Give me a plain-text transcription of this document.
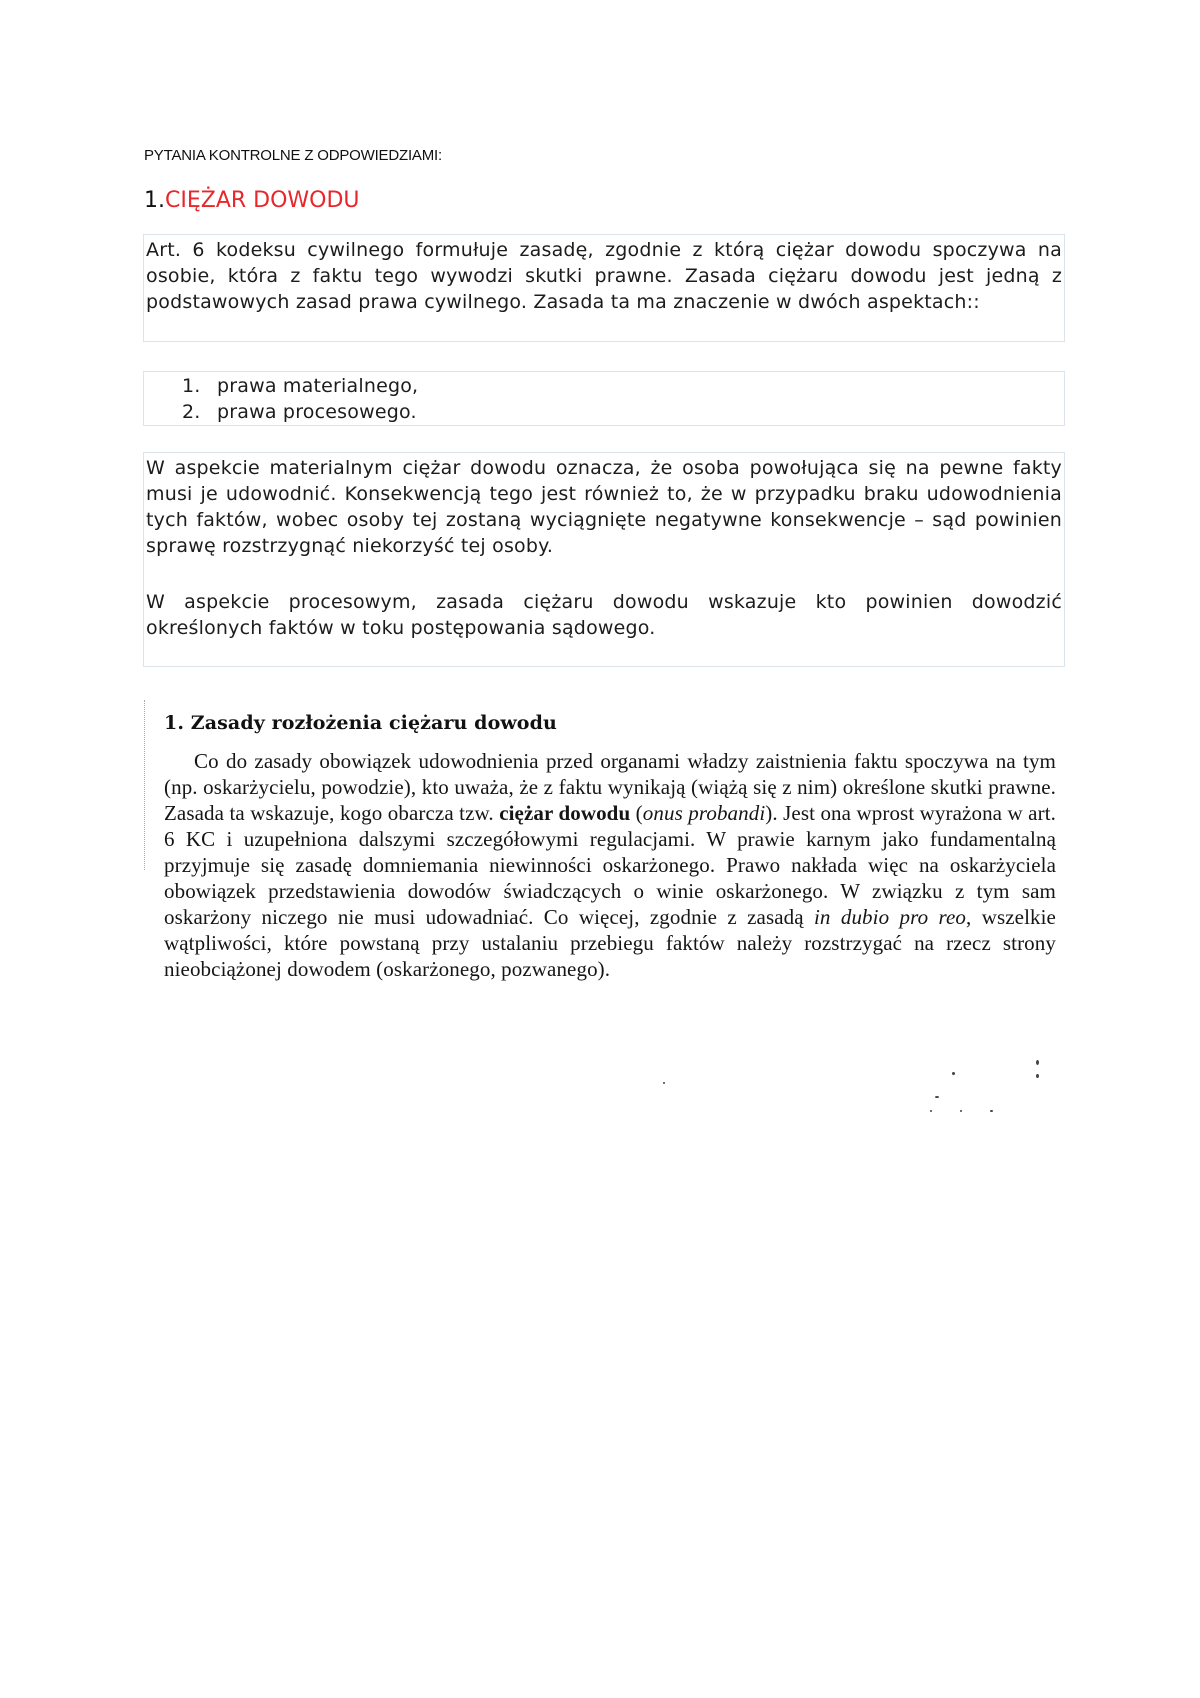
PYTANIA KONTROLNE Z ODPOWIEDZIAMI:
1.CIĘŻAR DOWODU

Art. 6 kodeksu cywilnego formułuje zasadę, zgodnie z którą ciężar dowodu spoczywa na osobie, która z faktu tego wywodzi skutki prawne. Zasada ciężaru dowodu jest jedną z podstawowych zasad prawa cywilnego. Zasada ta ma znaczenie w dwóch aspektach::

1. prawa materialnego,
2. prawa procesowego.

W aspekcie materialnym ciężar dowodu oznacza, że osoba powołująca się na pewne fakty musi je udowodnić. Konsekwencją tego jest również to, że w przypadku braku udowodnienia tych faktów, wobec osoby tej zostaną wyciągnięte negatywne konsekwencje – sąd powinien sprawę rozstrzygnąć niekorzyść tej osoby.

W aspekcie procesowym, zasada ciężaru dowodu wskazuje kto powinien dowodzić określonych faktów w toku postępowania sądowego.

1. Zasady rozłożenia ciężaru dowodu

Co do zasady obowiązek udowodnienia przed organami władzy zaistnienia faktu spoczywa na tym (np. oskarżycielu, powodzie), kto uważa, że z faktu wynikają (wiążą się z nim) określone skutki prawne. Zasada ta wskazuje, kogo obarcza tzw. ciężar dowodu (onus probandi). Jest ona wprost wyrażona w art. 6 KC i uzupełniona dalszymi szczegółowymi regulacjami. W prawie karnym jako fundamentalną przyjmuje się zasadę domniemania niewinności oskarżonego. Prawo nakłada więc na oskarżyciela obowiązek przedstawienia dowodów świadczących o winie oskarżonego. W związku z tym sam oskarżony niczego nie musi udowadniać. Co więcej, zgodnie z zasadą in dubio pro reo, wszelkie wątpliwości, które powstaną przy ustalaniu przebiegu faktów należy rozstrzygać na rzecz strony nieobciążonej dowodem (oskarżonego, pozwanego).
